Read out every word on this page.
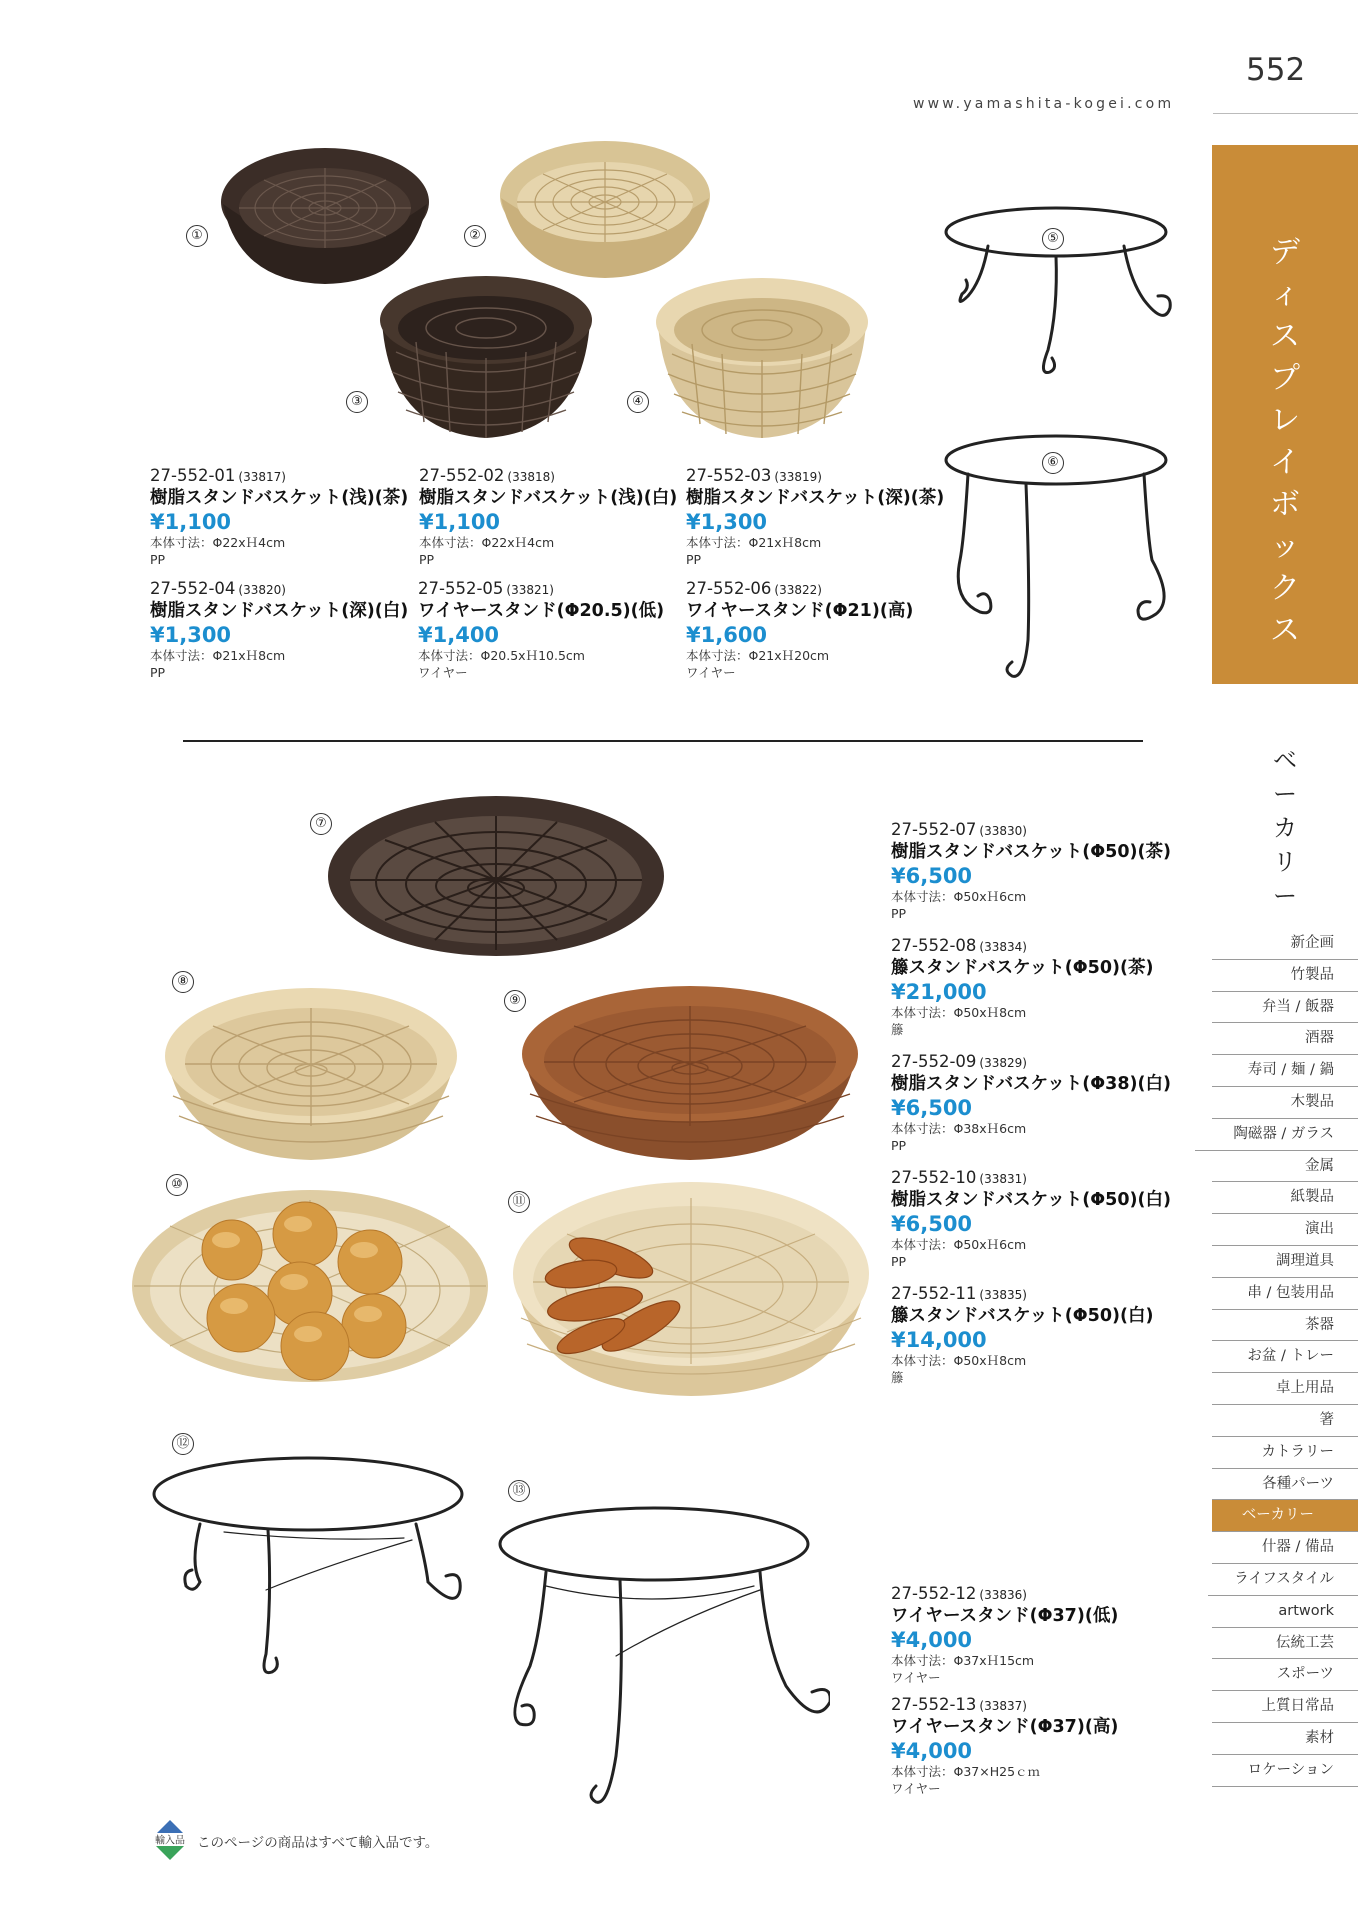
552
www.yamashita-kogei.com
ディスプレイボックス
ベーカリー
新企画
竹製品
弁当 / 飯器
酒器
寿司 / 麺 / 鍋
木製品
陶磁器 / ガラス
金属
紙製品
演出
調理道具
串 / 包装用品
茶器
お盆 / トレー
卓上用品
箸
カトラリー
各種パーツ
ベーカリー
什器 / 備品
ライフスタイル
artwork
伝統工芸
スポーツ
上質日常品
素材
ロケーション
①	②
③	④
⑤
⑥
⑦
⑧
⑨
⑩
⑪
⑫
⑬
27-552-01 (33817)
樹脂スタンドバスケット(浅)(茶)
¥1,100
本体寸法：Φ22xＨ4cm
PP
27-552-02 (33818)
樹脂スタンドバスケット(浅)(白)
¥1,100
本体寸法：Φ22xＨ4cm
PP
27-552-03 (33819)
樹脂スタンドバスケット(深)(茶)
¥1,300
本体寸法：Φ21xＨ8cm
PP
27-552-04 (33820)
樹脂スタンドバスケット(深)(白)
¥1,300
本体寸法：Φ21xＨ8cm
PP
27-552-05 (33821)
ワイヤースタンド(Φ20.5)(低)
¥1,400
本体寸法：Φ20.5xＨ10.5cm
ワイヤー
27-552-06 (33822)
ワイヤースタンド(Φ21)(高)
¥1,600
本体寸法：Φ21xＨ20cm
ワイヤー
27-552-07 (33830)
樹脂スタンドバスケット(Φ50)(茶)
¥6,500
本体寸法：Φ50xＨ6cm
PP
27-552-08 (33834)
籐スタンドバスケット(Φ50)(茶)
¥21,000
本体寸法：Φ50xＨ8cm
籐
27-552-09 (33829)
樹脂スタンドバスケット(Φ38)(白)
¥6,500
本体寸法：Φ38xＨ6cm
PP
27-552-10 (33831)
樹脂スタンドバスケット(Φ50)(白)
¥6,500
本体寸法：Φ50xＨ6cm
PP
27-552-11 (33835)
籐スタンドバスケット(Φ50)(白)
¥14,000
本体寸法：Φ50xＨ8cm
籐
27-552-12 (33836)
ワイヤースタンド(Φ37)(低)
¥4,000
本体寸法：Φ37xＨ15cm
ワイヤー
27-552-13 (33837)
ワイヤースタンド(Φ37)(高)
¥4,000
本体寸法：Φ37×H25ｃｍ
ワイヤー
輸入品 このページの商品はすべて輸入品です。
